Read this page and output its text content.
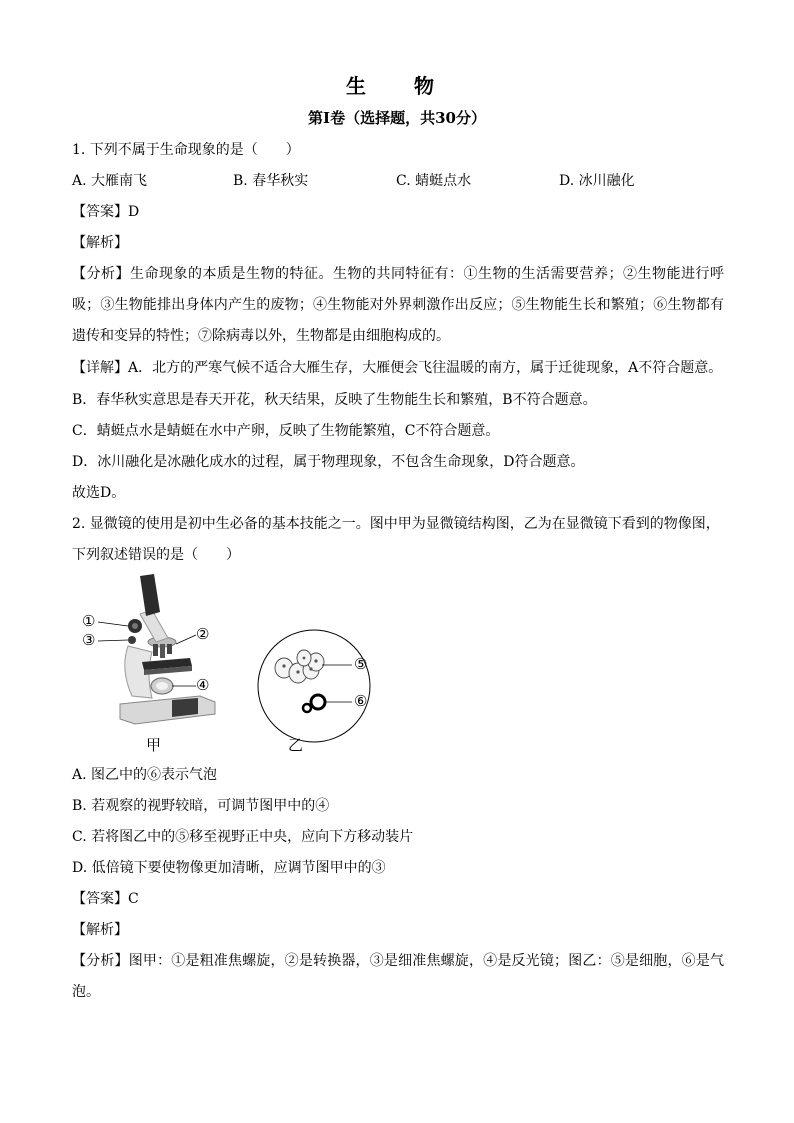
生　物
第Ⅰ卷（选择题，共30分）
1. 下列不属于生命现象的是（　　）
A. 大雁南飞	B. 春华秋实	C. 蜻蜓点水	D. 冰川融化
【答案】D
【解析】
【分析】生命现象的本质是生物的特征。生物的共同特征有：①生物的生活需要营养；②生物能进行呼吸；③生物能排出身体内产生的废物；④生物能对外界刺激作出反应；⑤生物能生长和繁殖；⑥生物都有遗传和变异的特性；⑦除病毒以外，生物都是由细胞构成的。
【详解】A．北方的严寒气候不适合大雁生存，大雁便会飞往温暖的南方，属于迁徙现象，A不符合题意。
B．春华秋实意思是春天开花，秋天结果，反映了生物能生长和繁殖，B不符合题意。
C．蜻蜓点水是蜻蜓在水中产卵，反映了生物能繁殖，C不符合题意。
D．冰川融化是冰融化成水的过程，属于物理现象，不包含生命现象，D符合题意。
故选D。
2. 显微镜的使用是初中生必备的基本技能之一。图中甲为显微镜结构图，乙为在显微镜下看到的物像图，
下列叙述错误的是（　　）
①
③	②
④
⑤
⑥
甲	乙
A. 图乙中的⑥表示气泡
B. 若观察的视野较暗，可调节图甲中的④
C. 若将图乙中的⑤移至视野正中央，应向下方移动装片
D. 低倍镜下要使物像更加清晰，应调节图甲中的③
【答案】C
【解析】
【分析】图甲：①是粗准焦螺旋，②是转换器，③是细准焦螺旋，④是反光镜；图乙：⑤是细胞，⑥是气泡。
